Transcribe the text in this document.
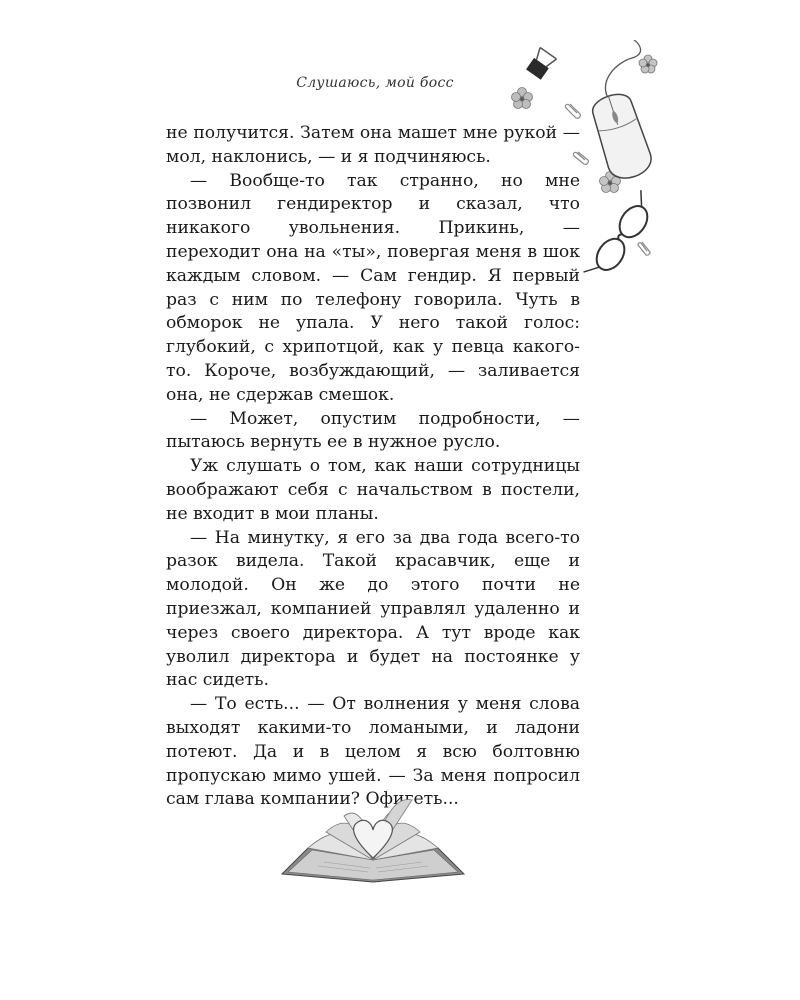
Слушаюсь, мой босс

не получится. Затем она машет мне рукой — мол, наклонись, — и я подчиняюсь.

— Вообще-то так странно, но мне позвонил гендиректор и сказал, что никакого увольнения. Прикинь, — переходит она на «ты», повергая меня в шок каждым словом. — Сам гендир. Я первый раз с ним по телефону говорила. Чуть в обморок не упала. У него такой голос: глубокий, с хрипотцой, как у певца какого-то. Короче, возбуждающий, — заливается она, не сдержав смешок.

— Может, опустим подробности, — пытаюсь вернуть ее в нужное русло.

Уж слушать о том, как наши сотрудницы воображают себя с начальством в постели, не входит в мои планы.

— На минутку, я его за два года всего-то разок видела. Такой красавчик, еще и молодой. Он же до этого почти не приезжал, компанией управлял удаленно и через своего директора. А тут вроде как уволил директора и будет на постоянке у нас сидеть.

— То есть... — От волнения у меня слова выходят какими-то ломаными, и ладони потеют. Да и в целом я всю болтовню пропускаю мимо ушей. — За меня попросил сам глава компании? Офигеть...
